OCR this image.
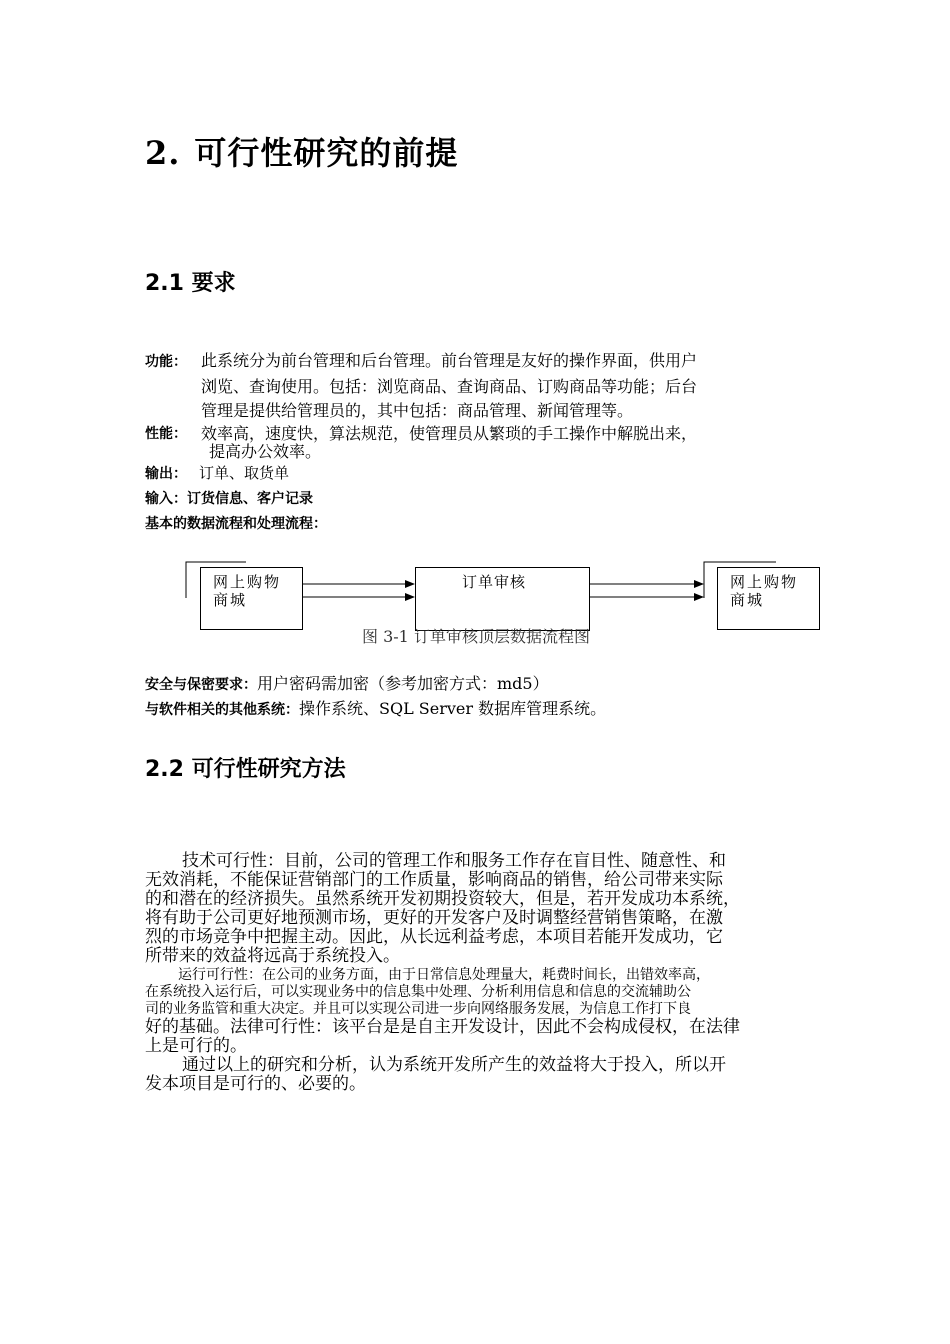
2. 可行性研究的前提
2.1 要求
功能： 此系统分为前台管理和后台管理。前台管理是友好的操作界面，供用户
浏览、查询使用。包括：浏览商品、查询商品、订购商品等功能；后台
管理是提供给管理员的，其中包括：商品管理、新闻管理等。
性能： 效率高，速度快，算法规范，使管理员从繁琐的手工操作中解脱出来，
提高办公效率。
输出： 订单、取货单
输入：订货信息、客户记录
基本的数据流程和处理流程：
网上购物
商城
订单审核	网上购物
商城
图 3-1 订单审核顶层数据流程图
安全与保密要求：用户密码需加密（参考加密方式：md5）
与软件相关的其他系统：操作系统、SQL Server 数据库管理系统。
2.2 可行性研究方法
技术可行性：目前，公司的管理工作和服务工作存在盲目性、随意性、和
无效消耗，不能保证营销部门的工作质量，影响商品的销售，给公司带来实际
的和潜在的经济损失。虽然系统开发初期投资较大，但是，若开发成功本系统，
将有助于公司更好地预测市场，更好的开发客户及时调整经营销售策略，在激
烈的市场竞争中把握主动。因此，从长远利益考虑，本项目若能开发成功，它
所带来的效益将远高于系统投入。
运行可行性：在公司的业务方面，由于日常信息处理量大，耗费时间长，出错效率高，
在系统投入运行后，可以实现业务中的信息集中处理、分析利用信息和信息的交流辅助公
司的业务监管和重大决定。并且可以实现公司进一步向网络服务发展，为信息工作打下良
好的基础。法律可行性：该平台是是自主开发设计，因此不会构成侵权，在法律
上是可行的。
通过以上的研究和分析，认为系统开发所产生的效益将大于投入，所以开
发本项目是可行的、必要的。
